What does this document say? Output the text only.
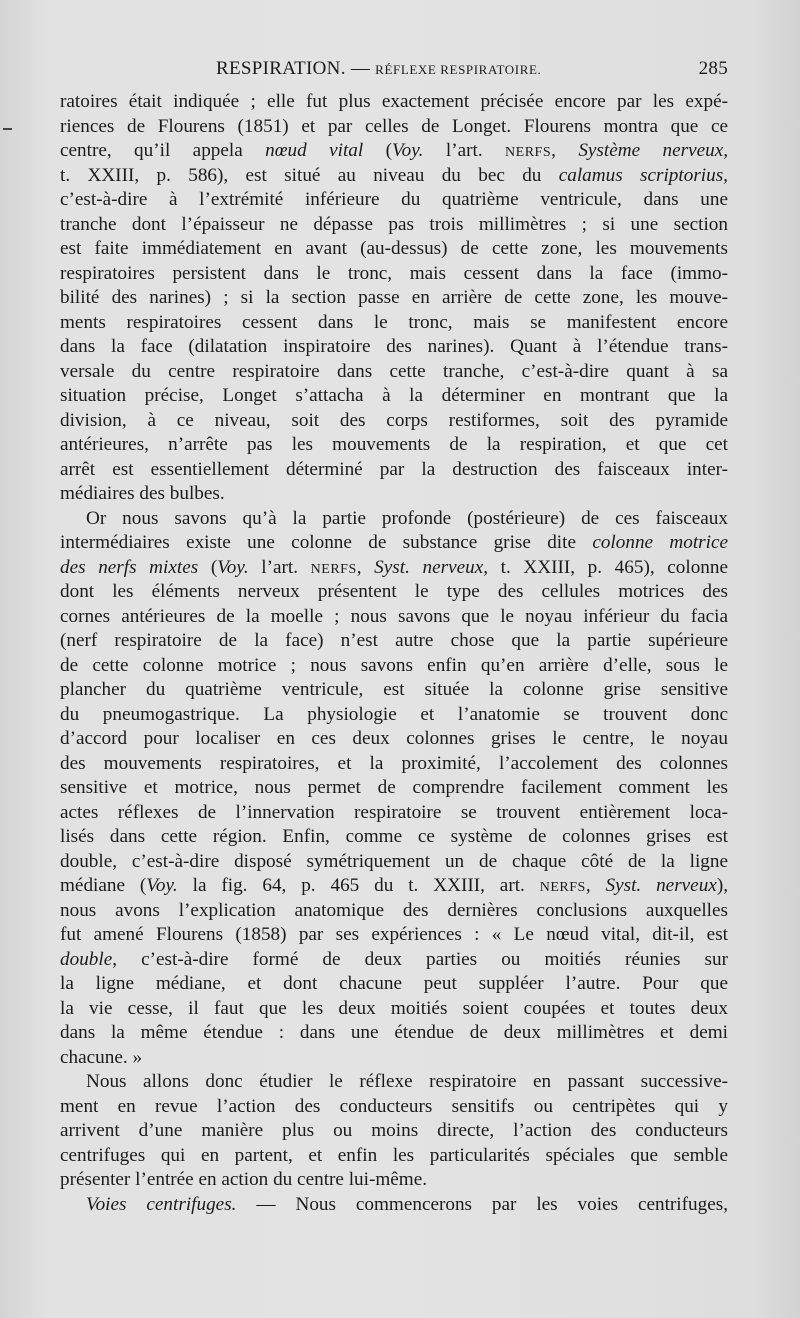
RESPIRATION. — RÉFLEXE RESPIRATOIRE.	285
ratoires était indiquée ; elle fut plus exactement précisée encore par les expé-
riences de Flourens (1851) et par celles de Longet. Flourens montra que ce
centre, qu’il appela nœud vital (Voy. l’art. NERFS, Système nerveux,
t. XXIII, p. 586), est situé au niveau du bec du calamus scriptorius,
c’est-à-dire à l’extrémité inférieure du quatrième ventricule, dans une
tranche dont l’épaisseur ne dépasse pas trois millimètres ; si une section
est faite immédiatement en avant (au-dessus) de cette zone, les mouvements
respiratoires persistent dans le tronc, mais cessent dans la face (immo-
bilité des narines) ; si la section passe en arrière de cette zone, les mouve-
ments respiratoires cessent dans le tronc, mais se manifestent encore
dans la face (dilatation inspiratoire des narines). Quant à l’étendue trans-
versale du centre respiratoire dans cette tranche, c’est-à-dire quant à sa
situation précise, Longet s’attacha à la déterminer en montrant que la
division, à ce niveau, soit des corps restiformes, soit des pyramide
antérieures, n’arrête pas les mouvements de la respiration, et que cet
arrêt est essentiellement déterminé par la destruction des faisceaux inter-
médiaires des bulbes.
Or nous savons qu’à la partie profonde (postérieure) de ces faisceaux
intermédiaires existe une colonne de substance grise dite colonne motrice
des nerfs mixtes (Voy. l’art. NERFS, Syst. nerveux, t. XXIII, p. 465), colonne
dont les éléments nerveux présentent le type des cellules motrices des
cornes antérieures de la moelle ; nous savons que le noyau inférieur du facia
(nerf respiratoire de la face) n’est autre chose que la partie supérieure
de cette colonne motrice ; nous savons enfin qu’en arrière d’elle, sous le
plancher du quatrième ventricule, est située la colonne grise sensitive
du pneumogastrique. La physiologie et l’anatomie se trouvent donc
d’accord pour localiser en ces deux colonnes grises le centre, le noyau
des mouvements respiratoires, et la proximité, l’accolement des colonnes
sensitive et motrice, nous permet de comprendre facilement comment les
actes réflexes de l’innervation respiratoire se trouvent entièrement loca-
lisés dans cette région. Enfin, comme ce système de colonnes grises est
double, c’est-à-dire disposé symétriquement un de chaque côté de la ligne
médiane (Voy. la fig. 64, p. 465 du t. XXIII, art. NERFS, Syst. nerveux),
nous avons l’explication anatomique des dernières conclusions auxquelles
fut amené Flourens (1858) par ses expériences : « Le nœud vital, dit-il, est
double, c’est-à-dire formé de deux parties ou moitiés réunies sur
la ligne médiane, et dont chacune peut suppléer l’autre. Pour que
la vie cesse, il faut que les deux moitiés soient coupées et toutes deux
dans la même étendue : dans une étendue de deux millimètres et demi
chacune. »
Nous allons donc étudier le réflexe respiratoire en passant successive-
ment en revue l’action des conducteurs sensitifs ou centripètes qui y
arrivent d’une manière plus ou moins directe, l’action des conducteurs
centrifuges qui en partent, et enfin les particularités spéciales que semble
présenter l’entrée en action du centre lui-même.
Voies centrifuges. — Nous commencerons par les voies centrifuges,
